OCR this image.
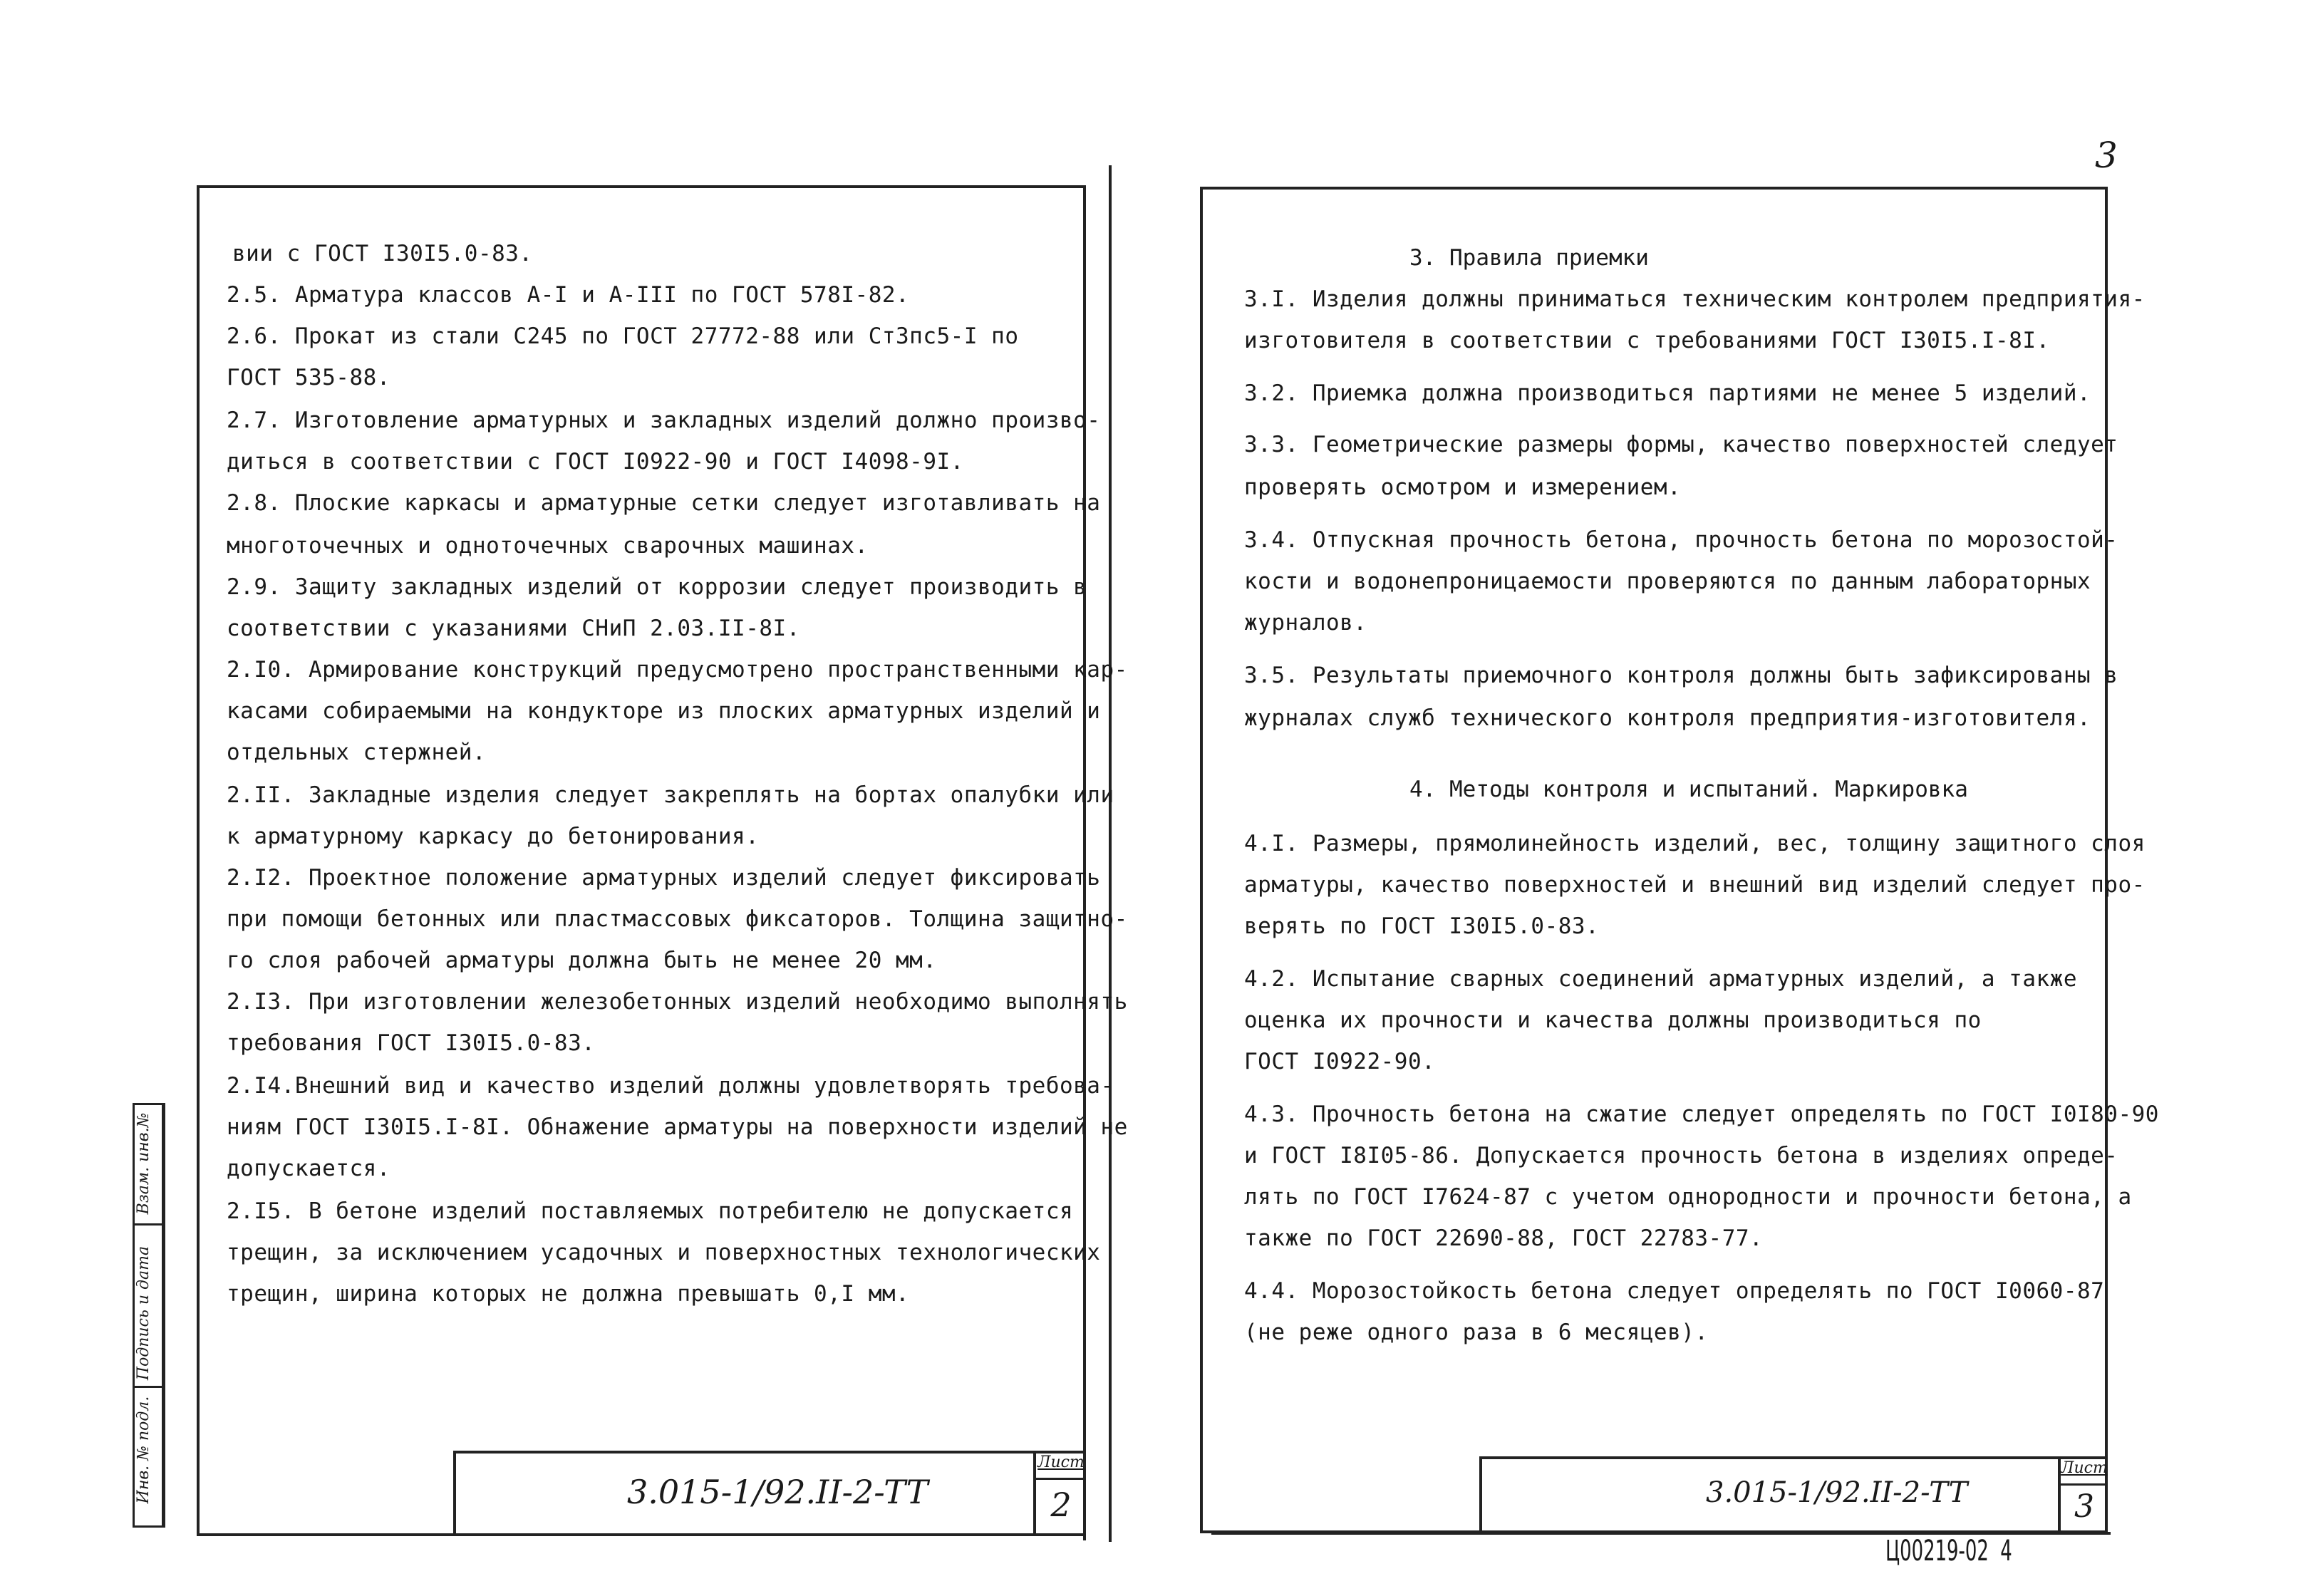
3
Инв. № подл.
Подпись и дата
Взам. инв.№
вии с ГОСТ I30I5.0-83.
2.5. Арматура классов А-I и А-III по ГОСТ 578I-82.
2.6. Прокат из стали С245 по ГОСТ 27772-88 или Ст3пс5-I по
ГОСТ 535-88.
2.7. Изготовление арматурных и закладных изделий должно произво-
диться в соответствии с ГОСТ I0922-90 и ГОСТ I4098-9I.
2.8. Плоские каркасы и арматурные сетки следует изготавливать на
многоточечных и одноточечных сварочных машинах.
2.9. Защиту закладных изделий от коррозии следует производить в
соответствии с указаниями СНиП 2.03.II-8I.
2.I0. Армирование конструкций предусмотрено пространственными кар-
касами собираемыми на кондукторе из плоских арматурных изделий и
отдельных стержней.
2.II. Закладные изделия следует закреплять на бортах опалубки или
к арматурному каркасу до бетонирования.
2.I2. Проектное положение арматурных изделий следует фиксировать
при помощи бетонных или пластмассовых фиксаторов. Толщина защитно-
го слоя рабочей арматуры должна быть не менее 20 мм.
2.I3. При изготовлении железобетонных изделий необходимо выполнять
требования ГОСТ I30I5.0-83.
2.I4.Внешний вид и качество изделий должны удовлетворять требова-
ниям ГОСТ I30I5.I-8I. Обнажение арматуры на поверхности изделий не
допускается.
2.I5. В бетоне изделий поставляемых потребителю не допускается
трещин, за исключением усадочных и поверхностных технологических
трещин, ширина которых не должна превышать 0,I мм.
3.015-1/92.II-2-TT
Лист
2
3. Правила приемки
3.I. Изделия должны приниматься техническим контролем предприятия-
изготовителя в соответствии с требованиями ГОСТ I30I5.I-8I.
3.2. Приемка должна производиться партиями не менее 5 изделий.
3.3. Геометрические размеры формы, качество поверхностей следует
проверять осмотром и измерением.
3.4. Отпускная прочность бетона, прочность бетона по морозостой-
кости и водонепроницаемости проверяются по данным лабораторных
журналов.
3.5. Результаты приемочного контроля должны быть зафиксированы в
журналах служб технического контроля предприятия-изготовителя.
4. Методы контроля и испытаний. Маркировка
4.I. Размеры, прямолинейность изделий, вес, толщину защитного слоя
арматуры, качество поверхностей и внешний вид изделий следует про-
верять по ГОСТ I30I5.0-83.
4.2. Испытание сварных соединений арматурных изделий, а также
оценка их прочности и качества должны производиться по
ГОСТ I0922-90.
4.3. Прочность бетона на сжатие следует определять по ГОСТ I0I80-90
и ГОСТ I8I05-86. Допускается прочность бетона в изделиях опреде-
лять по ГОСТ I7624-87 с учетом однородности и прочности бетона, а
также по ГОСТ 22690-88, ГОСТ 22783-77.
4.4. Морозостойкость бетона следует определять по ГОСТ I0060-87
(не реже одного раза в 6 месяцев).
3.015-1/92.II-2-TT
Лист
3
Ц00219-02  4
